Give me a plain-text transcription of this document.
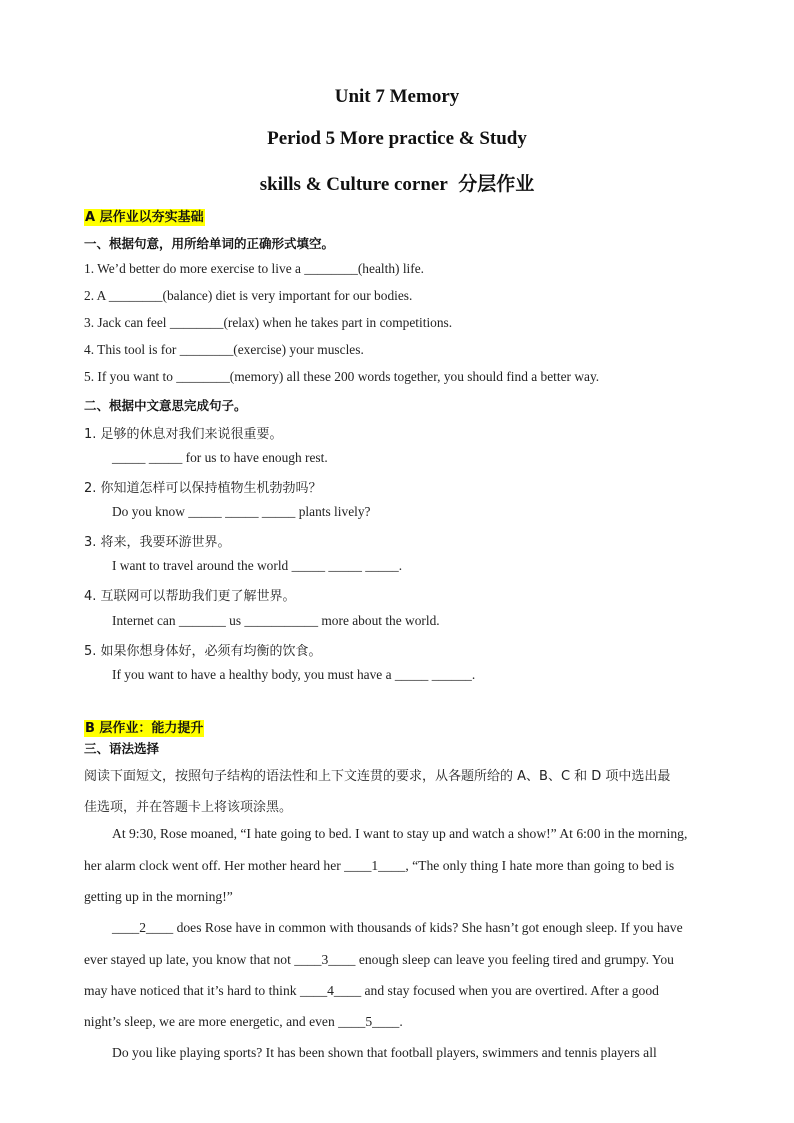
Unit 7 Memory
Period 5 More practice & Study
skills & Culture corner 分层作业
A 层作业以夯实基础
一、根据句意，用所给单词的正确形式填空。
1. We’d better do more exercise to live a ________(health) life.
2. A ________(balance) diet is very important for our bodies.
3. Jack can feel ________(relax) when he takes part in competitions.
4. This tool is for ________(exercise) your muscles.
5. If you want to ________(memory) all these 200 words together, you should find a better way.
二、根据中文意思完成句子。
1. 足够的休息对我们来说很重要。
_____ _____ for us to have enough rest.
2. 你知道怎样可以保持植物生机勃勃吗？
Do you know _____ _____ _____ plants lively?
3. 将来，我要环游世界。
I want to travel around the world _____ _____ _____.
4. 互联网可以帮助我们更了解世界。
Internet can _______ us ___________ more about the world.
5. 如果你想身体好，必须有均衡的饮食。
If you want to have a healthy body, you must have a _____ ______.
B 层作业：能力提升
三、语法选择
阅读下面短文，按照句子结构的语法性和上下文连贯的要求，从各题所给的 A、B、C 和 D 项中选出最
佳选项，并在答题卡上将该项涂黑。
At 9:30, Rose moaned, “I hate going to bed. I want to stay up and watch a show!” At 6:00 in the morning,
her alarm clock went off. Her mother heard her ____1____, “The only thing I hate more than going to bed is
getting up in the morning!”
____2____ does Rose have in common with thousands of kids? She hasn’t got enough sleep. If you have
ever stayed up late, you know that not ____3____ enough sleep can leave you feeling tired and grumpy. You
may have noticed that it’s hard to think ____4____ and stay focused when you are overtired. After a good
night’s sleep, we are more energetic, and even ____5____.
Do you like playing sports? It has been shown that football players, swimmers and tennis players all
